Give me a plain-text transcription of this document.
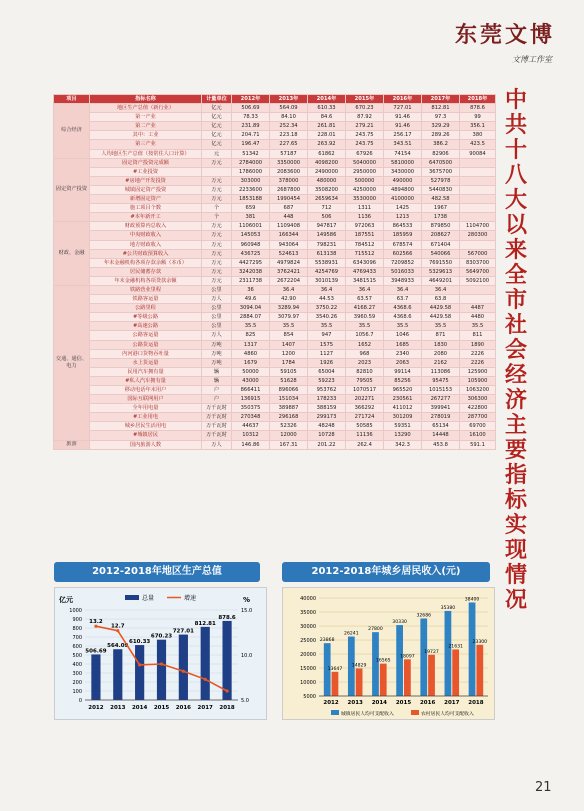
东莞文博
文博工作室
中共十八大以来全市社会经济主要指标实现情况
项目	指标名称	计量单位	2012年	2013年	2014年	2015年	2016年	2017年	2018年
综合经济	地区生产总值（新行业）	亿元	506.69	564.09	610.33	670.23	727.01	812.81	878.6
	第一产业	亿元	78.33	84.10	84.6	87.92	91.46	97.3	99
	第二产业	亿元	231.89	252.34	261.81	279.21	91.46	329.29	356.1
	其中：工业	亿元	204.71	223.18	228.01	243.75	256.17	289.26	380
	第三产业	亿元	196.47	227.65	263.92	243.75	343.51	386.2	423.5
	人均地区生产总值（按常住人口计算）	元	51342	57187	61862	67926	74154	82906	90084
固定资产投资	固定资产投资完成额	万元	2784000	3350000	4098200	5040000	5810000	6470500	
	#工业投资		1786000	2083600	2490000	2950000	3430000	3675700	
	#房地产开发投资	万元	303000	378000	480000	500000	490000	527978	
	城镇固定资产投资	万元	2233600	2687800	3508200	4250000	4894800	5440830	
	新增固定资产	万元	1853188	1990454	2659634	3530000	4100000	482.58	
	施工项目个数	个	659	687	712	1311	1425	1967	
	#本年新开工	个	381	448	506	1136	1213	1738	
财政、金融	财政预算内总收入	万元	1106001	1109408	947817	972063	864533	879850	1104700
	中央财政收入	万元	145053	166344	149586	187551	185959	208627	280300
	地方财政收入	万元	960948	943064	798231	784512	678574	671404	
	#公共财政预算收入	万元	436725	524613	613138	715512	602566	540066	567000
	年末金融机构各项存款余额（本币）	万元	4427295	4979824	5538931	6343096	7209852	7691550	8303700
	居民储蓄存款	万元	3242038	3762421	4254769	4769433	5016033	5329613	5649700
	年末金融机构各项贷款余额	万元	2311738	2672204	3010139	3481515	3948933	4649201	5092100
交通、通信、电力	铁路营业里程	公里	36	36.4	36.4	36.4	36.4	36.4	
	铁路客运量	万人	49.6	42.90	44.53	63.57	63.7	63.8	
	公路里程	公里	3094.04	3289.94	3750.22	4168.27	4368.6	4429.58	4487
	#等级公路	公里	2884.07	3079.97	3540.26	3960.59	4368.6	4429.58	4480
	#高速公路	公里	35.5	35.5	35.5	35.5	35.5	35.5	35.5
	公路客运量	万人	825	854	947	1056.7	1046	871	811
	公路货运量	万吨	1317	1407	1575	1652	1685	1830	1890
	内河港口货物吞吐量	万吨	4860	1200	1127	968	2340	2080	2226
	水上货运量	万吨	1679	1784	1926	2023	2063	2162	2226
	民用汽车拥有量	辆	50000	59105	65004	82810	99114	113086	125900
	#私人汽车拥有量	辆	43000	51628	59223	79505	85256	95475	105900
	移动电话年末用户	户	866411	896066	953762	1070517	965520	1015153	1063200
	国际互联网用户	户	136915	151034	178233	202271	230561	267277	306300
	全年用电量	万千瓦时	350375	389887	388159	366292	411012	399941	422800
	#工业用电	万千瓦时	270348	296168	299173	271724	301209	278019	287700
	城乡居民生活用电	万千瓦时	44637	52326	48248	50585	59351	65134	69700
	#城镇居民	万千瓦时	10312	12000	10728	11136	13290	14448	16100
旅游	国内旅游人数	万人	146.86	167.31	201.22	262.4	342.3	453.8	591.1
2012-2018年地区生产总值	2012-2018年城乡居民收入(元)
亿元	%
总量	增速
0
100
200
300
400
500
600
700
800
900
1000
5.0
10.0
15.0
506.69
2012
564.09
2013
610.33
2014
670.23
2015
727.01
2016
812.81
2017
878.6
2018
13.2
12.7
5000
10000
15000
20000
25000
30000
35000
40000
23868
13647
2012
26241
14829
2013
27800
16565
2014
30330
18097
2015
32686
19727
2016
35380
21631
2017
38400
23300
2018
城镇居民人均可支配收入	农村居民人均可支配收入
21
